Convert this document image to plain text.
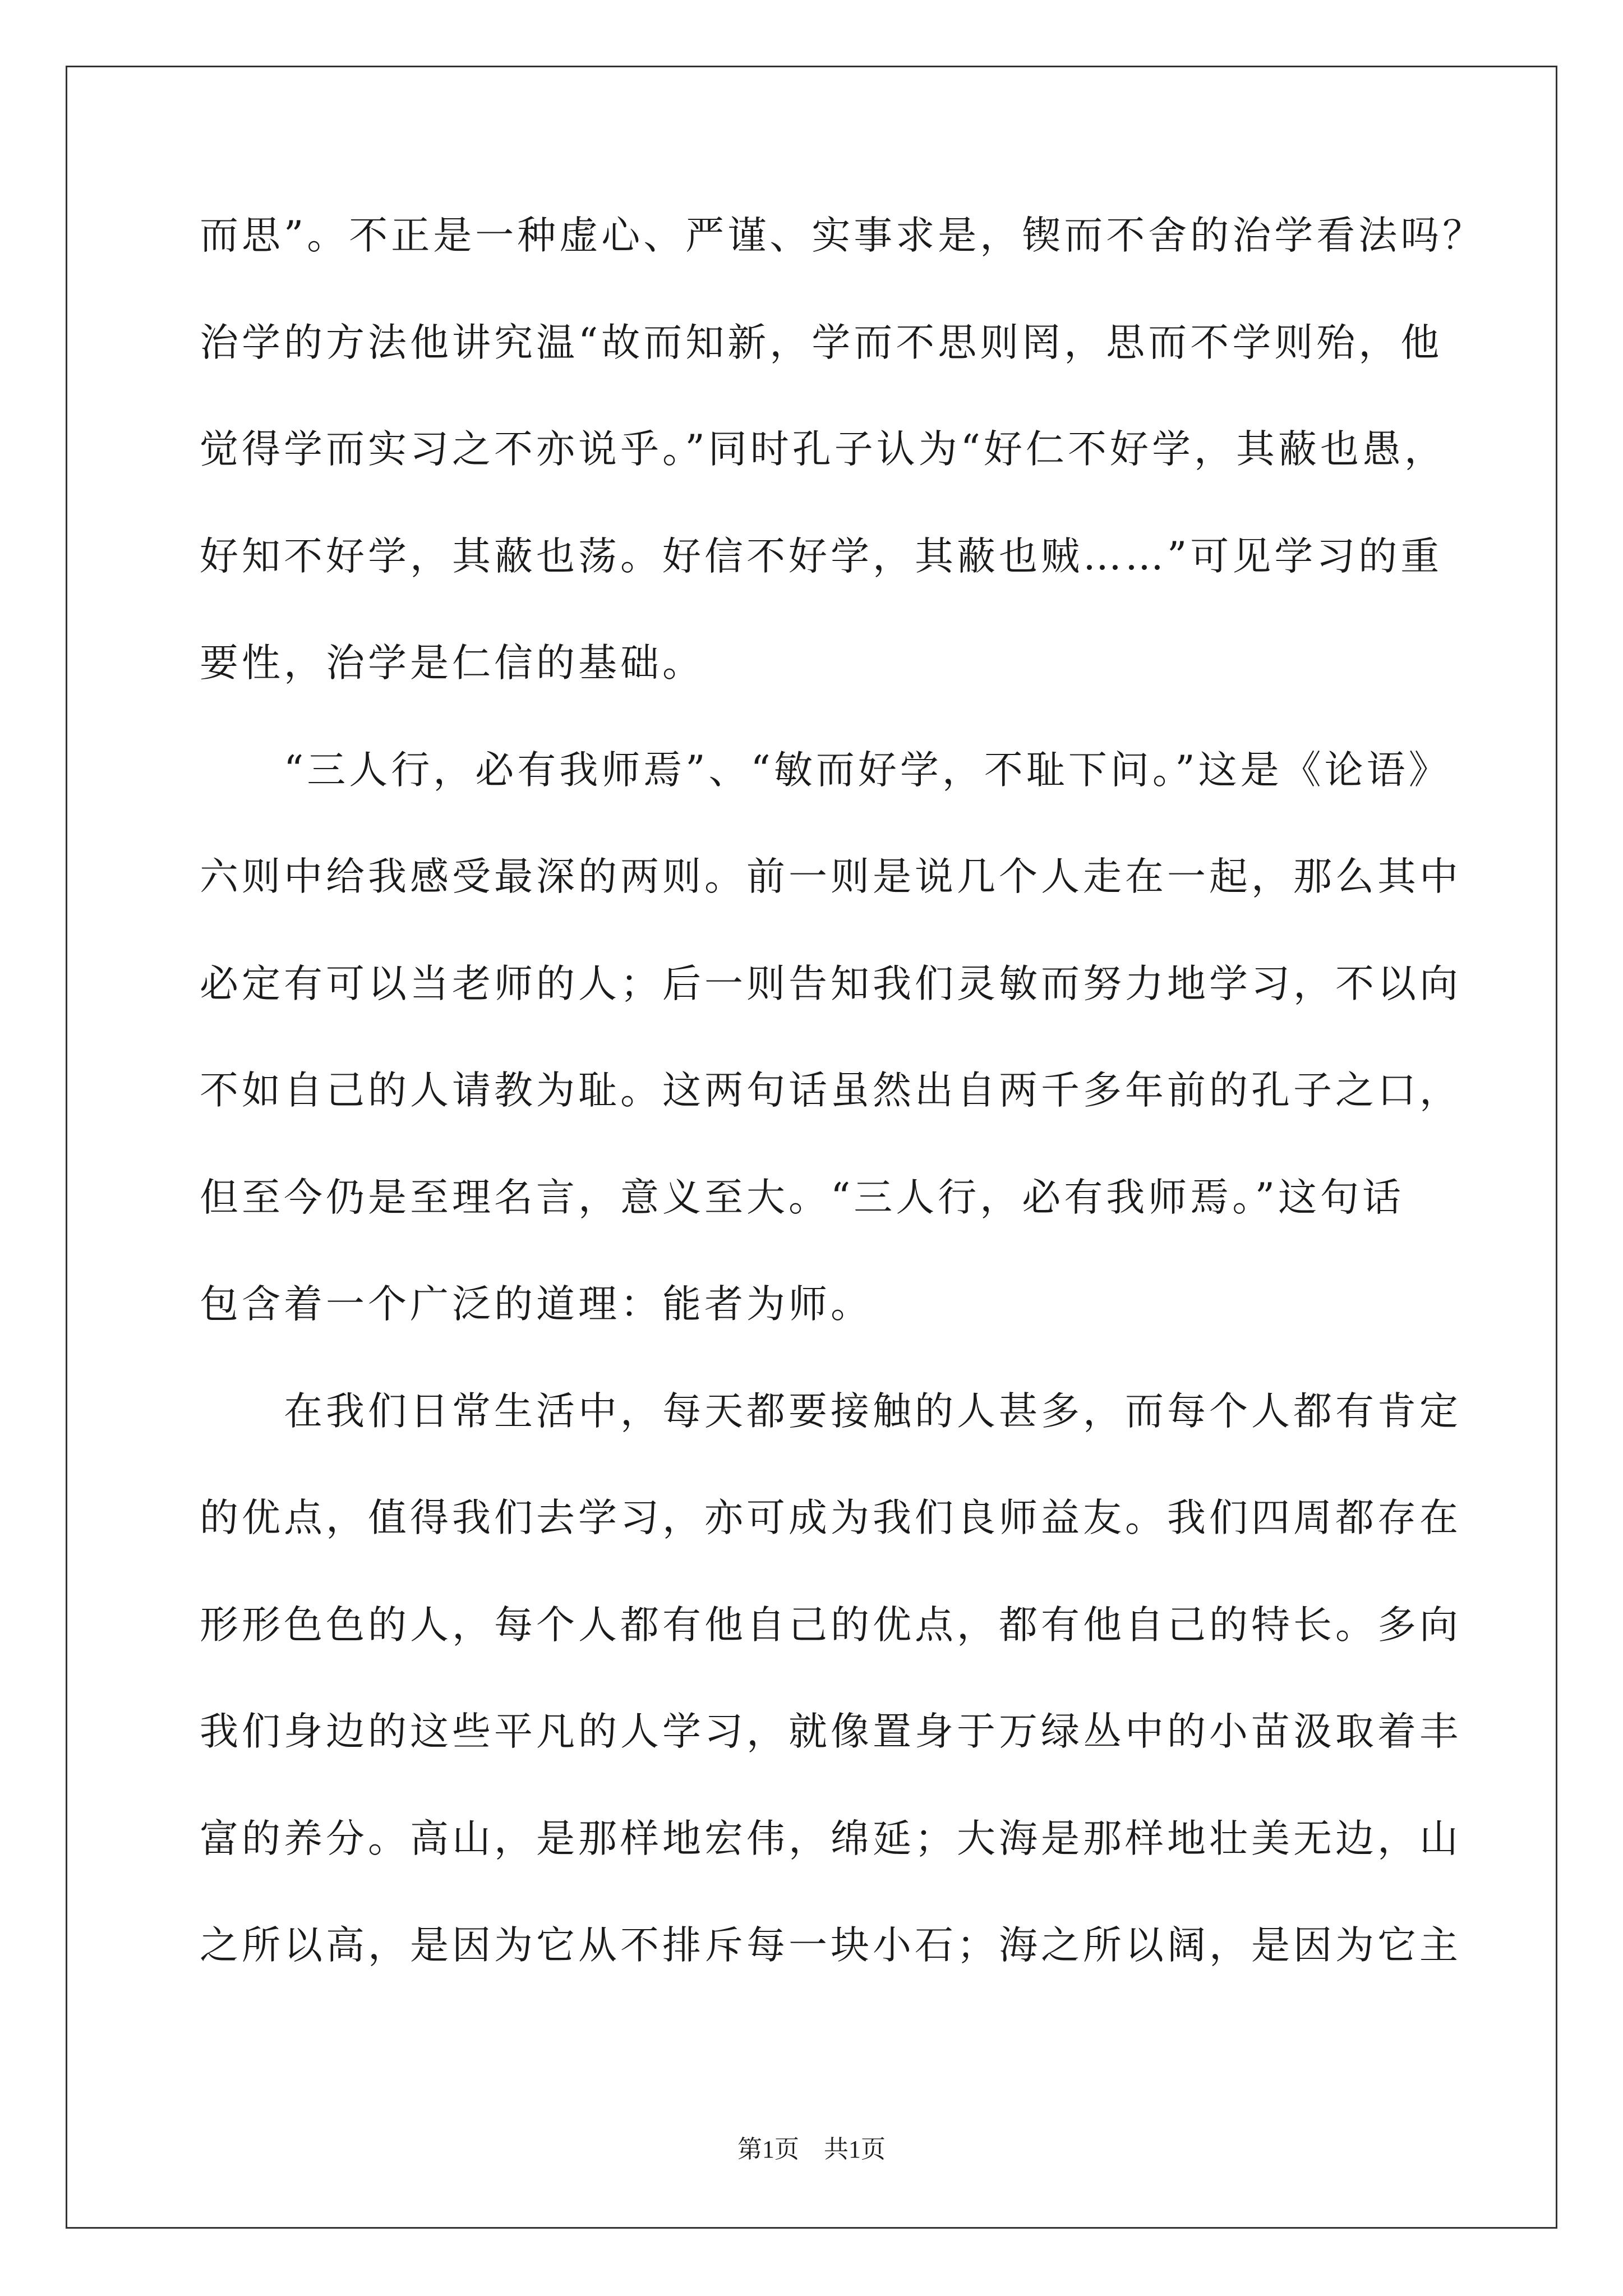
而思”。不正是一种虚心、严谨、实事求是，锲而不舍的治学看法吗？
治学的方法他讲究温“故而知新，学而不思则罔，思而不学则殆，他
觉得学而实习之不亦说乎。”同时孔子认为“好仁不好学，其蔽也愚，
好知不好学，其蔽也荡。好信不好学，其蔽也贼……”可见学习的重
要性，治学是仁信的基础。
　　“三人行，必有我师焉”、“敏而好学，不耻下问。”这是《论语》
六则中给我感受最深的两则。前一则是说几个人走在一起，那么其中
必定有可以当老师的人；后一则告知我们灵敏而努力地学习，不以向
不如自己的人请教为耻。这两句话虽然出自两千多年前的孔子之口，
但至今仍是至理名言，意义至大。“三人行，必有我师焉。”这句话
包含着一个广泛的道理：能者为师。
　　在我们日常生活中，每天都要接触的人甚多，而每个人都有肯定
的优点，值得我们去学习，亦可成为我们良师益友。我们四周都存在
形形色色的人，每个人都有他自己的优点，都有他自己的特长。多向
我们身边的这些平凡的人学习，就像置身于万绿丛中的小苗汲取着丰
富的养分。高山，是那样地宏伟，绵延；大海是那样地壮美无边，山
之所以高，是因为它从不排斥每一块小石；海之所以阔，是因为它主
第1页　共1页
